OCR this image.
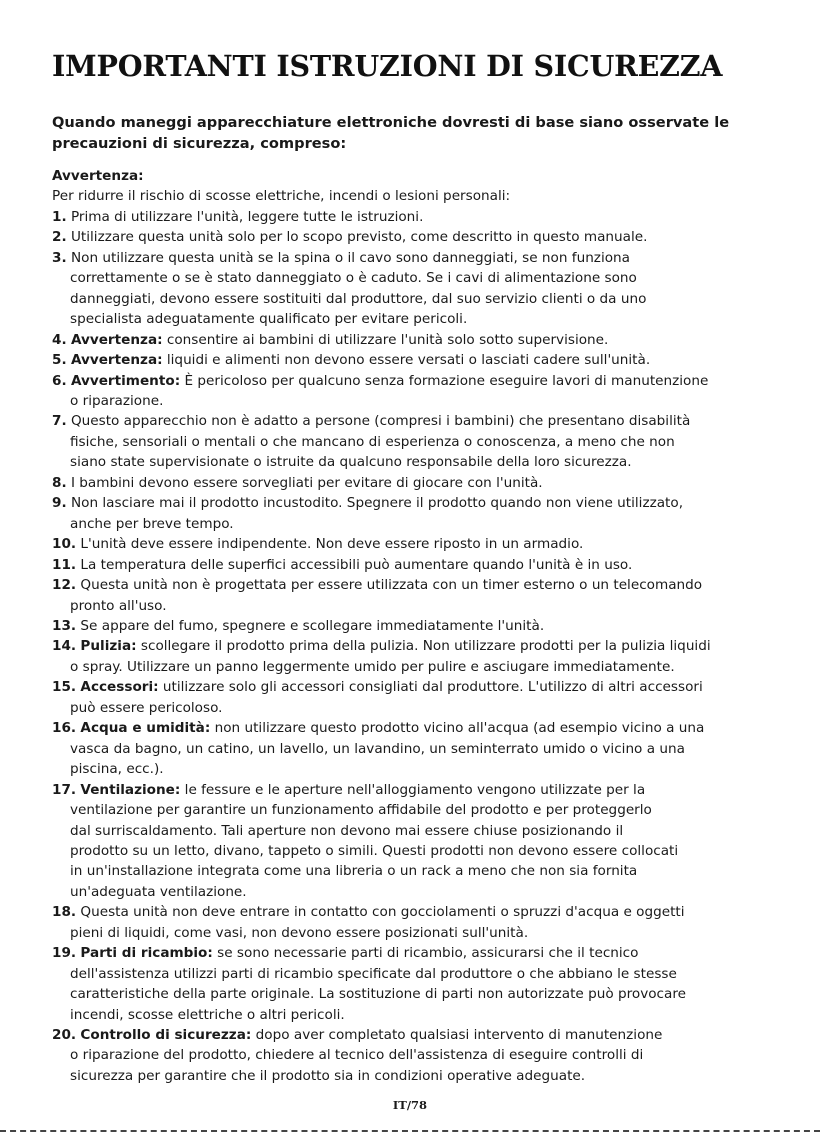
IMPORTANTI ISTRUZIONI DI SICUREZZA

Quando maneggi apparecchiature elettroniche dovresti di base siano osservate le precauzioni di sicurezza, compreso:

Avvertenza:

Per ridurre il rischio di scosse elettriche, incendi o lesioni personali:

1. Prima di utilizzare l'unità, leggere tutte le istruzioni.
2. Utilizzare questa unità solo per lo scopo previsto, come descritto in questo manuale.
3. Non utilizzare questa unità se la spina o il cavo sono danneggiati, se non funziona
correttamente o se è stato danneggiato o è caduto. Se i cavi di alimentazione sono
danneggiati, devono essere sostituiti dal produttore, dal suo servizio clienti o da uno
specialista adeguatamente qualificato per evitare pericoli.
4. Avvertenza: consentire ai bambini di utilizzare l'unità solo sotto supervisione.
5. Avvertenza: liquidi e alimenti non devono essere versati o lasciati cadere sull'unità.
6. Avvertimento: È pericoloso per qualcuno senza formazione eseguire lavori di manutenzione
o riparazione.
7. Questo apparecchio non è adatto a persone (compresi i bambini) che presentano disabilità
fisiche, sensoriali o mentali o che mancano di esperienza o conoscenza, a meno che non
siano state supervisionate o istruite da qualcuno responsabile della loro sicurezza.
8. I bambini devono essere sorvegliati per evitare di giocare con l'unità.
9. Non lasciare mai il prodotto incustodito. Spegnere il prodotto quando non viene utilizzato,
anche per breve tempo.
10. L'unità deve essere indipendente. Non deve essere riposto in un armadio.
11. La temperatura delle superfici accessibili può aumentare quando l'unità è in uso.
12. Questa unità non è progettata per essere utilizzata con un timer esterno o un telecomando
pronto all'uso.
13. Se appare del fumo, spegnere e scollegare immediatamente l'unità.
14. Pulizia: scollegare il prodotto prima della pulizia. Non utilizzare prodotti per la pulizia liquidi
o spray. Utilizzare un panno leggermente umido per pulire e asciugare immediatamente.
15. Accessori: utilizzare solo gli accessori consigliati dal produttore. L'utilizzo di altri accessori
può essere pericoloso.
16. Acqua e umidità: non utilizzare questo prodotto vicino all'acqua (ad esempio vicino a una
vasca da bagno, un catino, un lavello, un lavandino, un seminterrato umido o vicino a una
piscina, ecc.).
17. Ventilazione: le fessure e le aperture nell'alloggiamento vengono utilizzate per la
ventilazione per garantire un funzionamento affidabile del prodotto e per proteggerlo
dal surriscaldamento. Tali aperture non devono mai essere chiuse posizionando il
prodotto su un letto, divano, tappeto o simili. Questi prodotti non devono essere collocati
in un'installazione integrata come una libreria o un rack a meno che non sia fornita
un'adeguata ventilazione.
18. Questa unità non deve entrare in contatto con gocciolamenti o spruzzi d'acqua e oggetti
pieni di liquidi, come vasi, non devono essere posizionati sull'unità.
19. Parti di ricambio: se sono necessarie parti di ricambio, assicurarsi che il tecnico
dell'assistenza utilizzi parti di ricambio specificate dal produttore o che abbiano le stesse
caratteristiche della parte originale. La sostituzione di parti non autorizzate può provocare
incendi, scosse elettriche o altri pericoli.
20. Controllo di sicurezza: dopo aver completato qualsiasi intervento di manutenzione
o riparazione del prodotto, chiedere al tecnico dell'assistenza di eseguire controlli di
sicurezza per garantire che il prodotto sia in condizioni operative adeguate.
IT/78
